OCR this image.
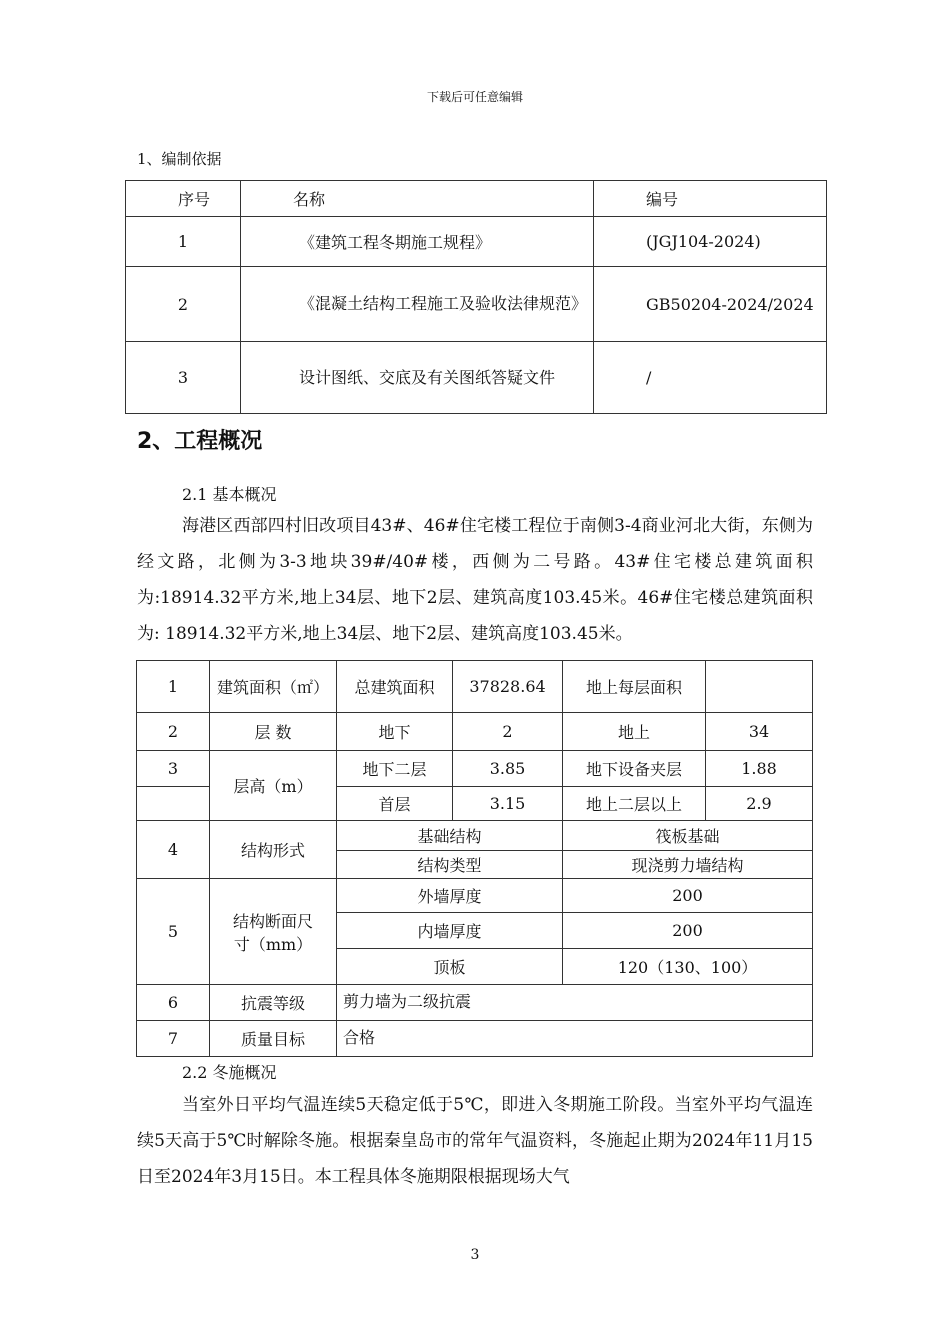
下载后可任意编辑
1、编制依据
序号	名称	编号
1	《建筑工程冬期施工规程》	(JGJ104-2024)
2	《混凝土结构工程施工及验收法律规范》	GB50204-2024/2024
3	设计图纸、交底及有关图纸答疑文件	/
2、工程概况
2.1 基本概况
海港区西部四村旧改项目43#、46#住宅楼工程位于南侧3-4商业河北大街，东侧为经文路，北侧为3-3地块39#/40#楼，西侧为二号路。43#住宅楼总建筑面积为:18914.32平方米,地上34层、地下2层、建筑高度103.45米。46#住宅楼总建筑面积为: 18914.32平方米,地上34层、地下2层、建筑高度103.45米。
1	建筑面积（㎡）	总建筑面积	37828.64	地上每层面积	
2	层 数	地下	2	地上	34
3	层高（m）	地下二层	3.85	地下设备夹层	1.88
		首层	3.15	地上二层以上	2.9
4	结构形式	基础结构		筏板基础	
		结构类型		现浇剪力墙结构	
5	结构断面尺寸（mm）	外墙厚度		200	
		内墙厚度		200	
		顶板		120（130、100）	
6	抗震等级	剪力墙为二级抗震			
7	质量目标	合格			
2.2 冬施概况
当室外日平均气温连续5天稳定低于5℃，即进入冬期施工阶段。当室外平均气温连续5天高于5℃时解除冬施。根据秦皇岛市的常年气温资料，冬施起止期为2024年11月15日至2024年3月15日。本工程具体冬施期限根据现场大气
3
